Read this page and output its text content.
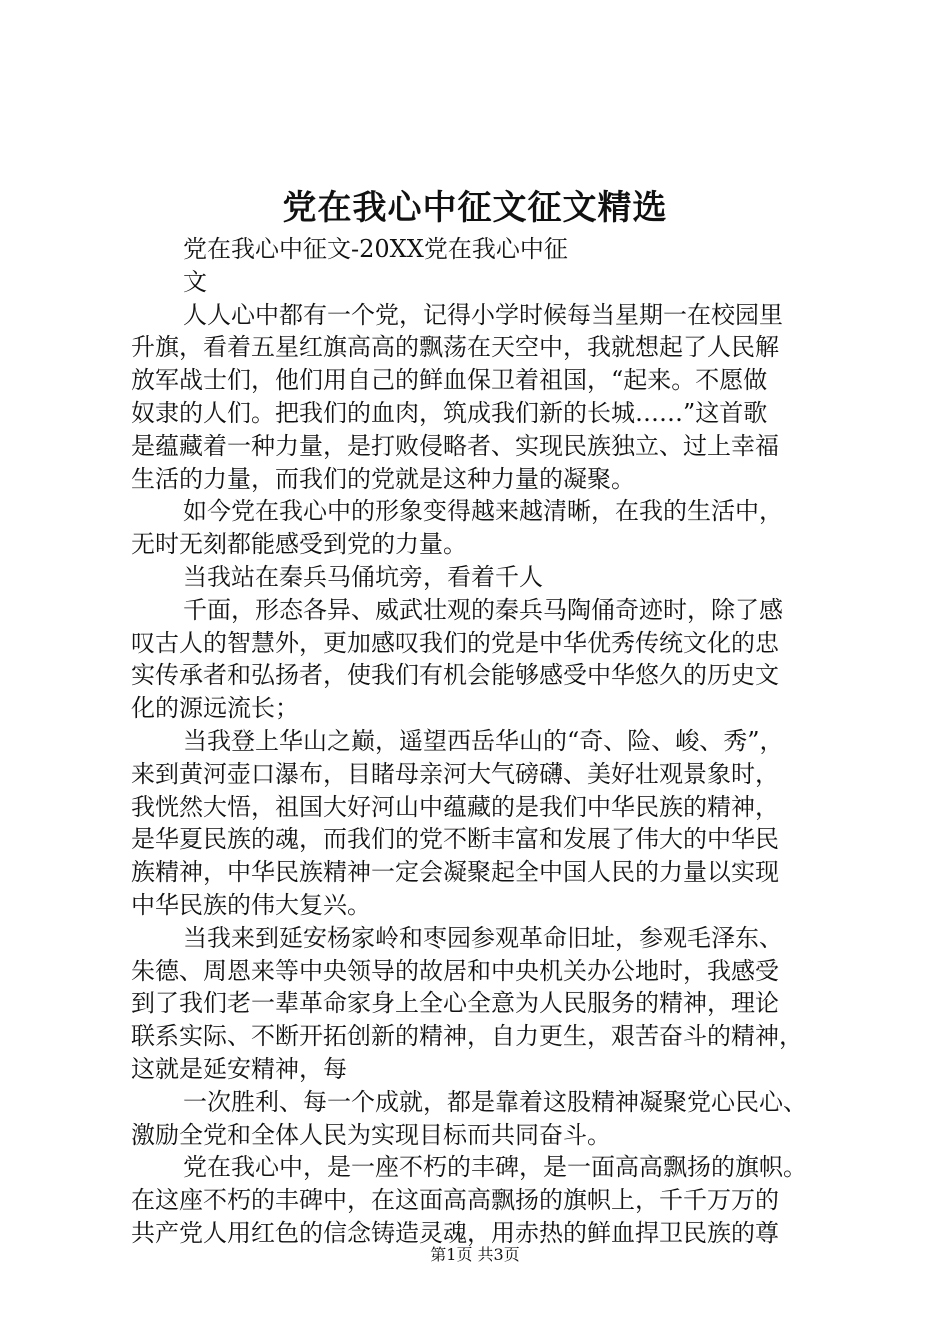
党在我心中征文征文精选
党在我心中征文-20XX党在我心中征
文
人人心中都有一个党，记得小学时候每当星期一在校园里
升旗，看着五星红旗高高的飘荡在天空中，我就想起了人民解
放军战士们，他们用自己的鲜血保卫着祖国，“起来。不愿做
奴隶的人们。把我们的血肉，筑成我们新的长城……”这首歌
是蕴藏着一种力量，是打败侵略者、实现民族独立、过上幸福
生活的力量，而我们的党就是这种力量的凝聚。
如今党在我心中的形象变得越来越清晰，在我的生活中，
无时无刻都能感受到党的力量。
当我站在秦兵马俑坑旁，看着千人
千面，形态各异、威武壮观的秦兵马陶俑奇迹时，除了感
叹古人的智慧外，更加感叹我们的党是中华优秀传统文化的忠
实传承者和弘扬者，使我们有机会能够感受中华悠久的历史文
化的源远流长；
当我登上华山之巅，遥望西岳华山的“奇、险、峻、秀”，
来到黄河壶口瀑布，目睹母亲河大气磅礴、美好壮观景象时，
我恍然大悟，祖国大好河山中蕴藏的是我们中华民族的精神，
是华夏民族的魂，而我们的党不断丰富和发展了伟大的中华民
族精神，中华民族精神一定会凝聚起全中国人民的力量以实现
中华民族的伟大复兴。
当我来到延安杨家岭和枣园参观革命旧址，参观毛泽东、
朱德、周恩来等中央领导的故居和中央机关办公地时，我感受
到了我们老一辈革命家身上全心全意为人民服务的精神，理论
联系实际、不断开拓创新的精神，自力更生，艰苦奋斗的精神，
这就是延安精神，每
一次胜利、每一个成就，都是靠着这股精神凝聚党心民心、
激励全党和全体人民为实现目标而共同奋斗。
党在我心中，是一座不朽的丰碑，是一面高高飘扬的旗帜。
在这座不朽的丰碑中，在这面高高飘扬的旗帜上，千千万万的
共产党人用红色的信念铸造灵魂，用赤热的鲜血捍卫民族的尊
第1页 共3页
